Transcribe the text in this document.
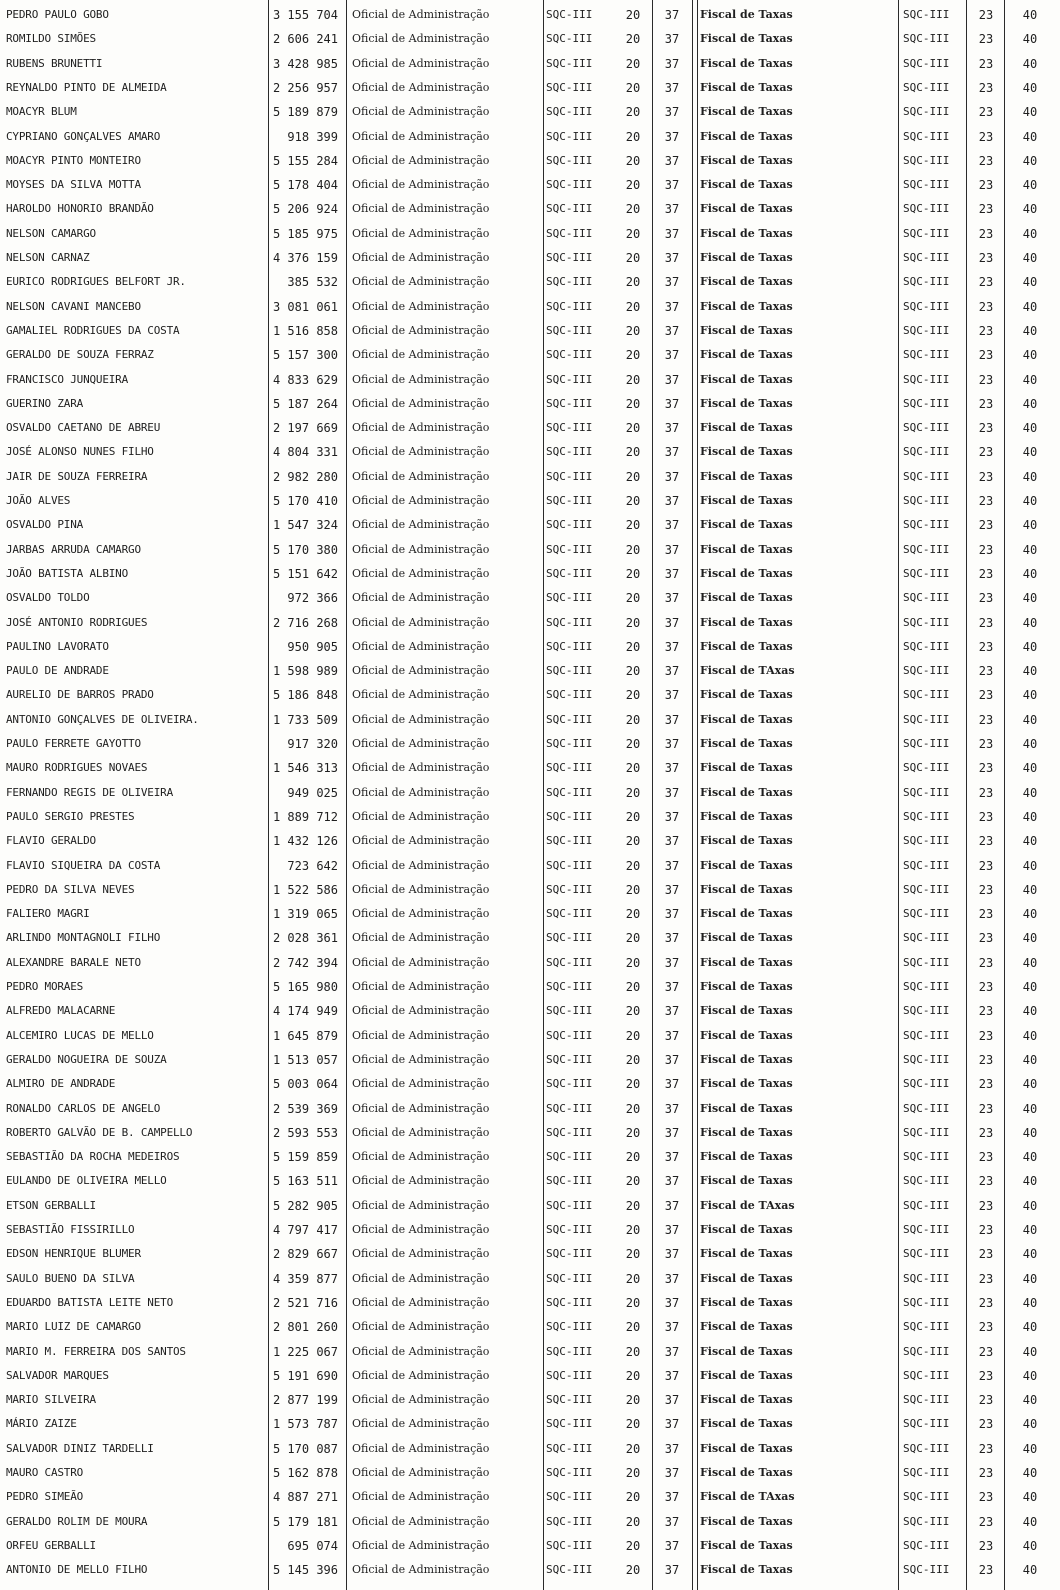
PEDRO PAULO GOBO	3 155 704 Oficial de Administração	SQC-III	20	37	Fiscal de Taxas	SQC-III	23	40
ROMILDO SIMÕES	2 606 241 Oficial de Administração	SQC-III	20	37	Fiscal de Taxas	SQC-III	23	40
RUBENS BRUNETTI	3 428 985 Oficial de Administração	SQC-III	20	37	Fiscal de Taxas	SQC-III	23	40
REYNALDO PINTO DE ALMEIDA	2 256 957 Oficial de Administração	SQC-III	20	37	Fiscal de Taxas	SQC-III	23	40
MOACYR BLUM	5 189 879 Oficial de Administração	SQC-III	20	37	Fiscal de Taxas	SQC-III	23	40
CYPRIANO GONÇALVES AMARO	918 399 Oficial de Administração	SQC-III	20	37	Fiscal de Taxas	SQC-III	23	40
MOACYR PINTO MONTEIRO	5 155 284 Oficial de Administração	SQC-III	20	37	Fiscal de Taxas	SQC-III	23	40
MOYSES DA SILVA MOTTA	5 178 404 Oficial de Administração	SQC-III	20	37	Fiscal de Taxas	SQC-III	23	40
HAROLDO HONORIO BRANDÃO	5 206 924 Oficial de Administração	SQC-III	20	37	Fiscal de Taxas	SQC-III	23	40
NELSON CAMARGO	5 185 975 Oficial de Administração	SQC-III	20	37	Fiscal de Taxas	SQC-III	23	40
NELSON CARNAZ	4 376 159 Oficial de Administração	SQC-III	20	37	Fiscal de Taxas	SQC-III	23	40
EURICO RODRIGUES BELFORT JR.	385 532 Oficial de Administração	SQC-III	20	37	Fiscal de Taxas	SQC-III	23	40
NELSON CAVANI MANCEBO	3 081 061 Oficial de Administração	SQC-III	20	37	Fiscal de Taxas	SQC-III	23	40
GAMALIEL RODRIGUES DA COSTA	1 516 858 Oficial de Administração	SQC-III	20	37	Fiscal de Taxas	SQC-III	23	40
GERALDO DE SOUZA FERRAZ	5 157 300 Oficial de Administração	SQC-III	20	37	Fiscal de Taxas	SQC-III	23	40
FRANCISCO JUNQUEIRA	4 833 629 Oficial de Administração	SQC-III	20	37	Fiscal de Taxas	SQC-III	23	40
GUERINO ZARA	5 187 264 Oficial de Administração	SQC-III	20	37	Fiscal de Taxas	SQC-III	23	40
OSVALDO CAETANO DE ABREU	2 197 669 Oficial de Administração	SQC-III	20	37	Fiscal de Taxas	SQC-III	23	40
JOSÉ ALONSO NUNES FILHO	4 804 331 Oficial de Administração	SQC-III	20	37	Fiscal de Taxas	SQC-III	23	40
JAIR DE SOUZA FERREIRA	2 982 280 Oficial de Administração	SQC-III	20	37	Fiscal de Taxas	SQC-III	23	40
JOÃO ALVES	5 170 410 Oficial de Administração	SQC-III	20	37	Fiscal de Taxas	SQC-III	23	40
OSVALDO PINA	1 547 324 Oficial de Administração	SQC-III	20	37	Fiscal de Taxas	SQC-III	23	40
JARBAS ARRUDA CAMARGO	5 170 380 Oficial de Administração	SQC-III	20	37	Fiscal de Taxas	SQC-III	23	40
JOÃO BATISTA ALBINO	5 151 642 Oficial de Administração	SQC-III	20	37	Fiscal de Taxas	SQC-III	23	40
OSVALDO TOLDO	972 366 Oficial de Administração	SQC-III	20	37	Fiscal de Taxas	SQC-III	23	40
JOSÉ ANTONIO RODRIGUES	2 716 268 Oficial de Administração	SQC-III	20	37	Fiscal de Taxas	SQC-III	23	40
PAULINO LAVORATO	950 905 Oficial de Administração	SQC-III	20	37	Fiscal de Taxas	SQC-III	23	40
PAULO DE ANDRADE	1 598 989 Oficial de Administração	SQC-III	20	37	Fiscal de TAxas	SQC-III	23	40
AURELIO DE BARROS PRADO	5 186 848 Oficial de Administração	SQC-III	20	37	Fiscal de Taxas	SQC-III	23	40
ANTONIO GONÇALVES DE OLIVEIRA.	1 733 509 Oficial de Administração	SQC-III	20	37	Fiscal de Taxas	SQC-III	23	40
PAULO FERRETE GAYOTTO	917 320 Oficial de Administração	SQC-III	20	37	Fiscal de Taxas	SQC-III	23	40
MAURO RODRIGUES NOVAES	1 546 313 Oficial de Administração	SQC-III	20	37	Fiscal de Taxas	SQC-III	23	40
FERNANDO REGIS DE OLIVEIRA	949 025 Oficial de Administração	SQC-III	20	37	Fiscal de Taxas	SQC-III	23	40
PAULO SERGIO PRESTES	1 889 712 Oficial de Administração	SQC-III	20	37	Fiscal de Taxas	SQC-III	23	40
FLAVIO GERALDO	1 432 126 Oficial de Administração	SQC-III	20	37	Fiscal de Taxas	SQC-III	23	40
FLAVIO SIQUEIRA DA COSTA	723 642 Oficial de Administração	SQC-III	20	37	Fiscal de Taxas	SQC-III	23	40
PEDRO DA SILVA NEVES	1 522 586 Oficial de Administração	SQC-III	20	37	Fiscal de Taxas	SQC-III	23	40
FALIERO MAGRI	1 319 065 Oficial de Administração	SQC-III	20	37	Fiscal de Taxas	SQC-III	23	40
ARLINDO MONTAGNOLI FILHO	2 028 361 Oficial de Administração	SQC-III	20	37	Fiscal de Taxas	SQC-III	23	40
ALEXANDRE BARALE NETO	2 742 394 Oficial de Administração	SQC-III	20	37	Fiscal de Taxas	SQC-III	23	40
PEDRO MORAES	5 165 980 Oficial de Administração	SQC-III	20	37	Fiscal de Taxas	SQC-III	23	40
ALFREDO MALACARNE	4 174 949 Oficial de Administração	SQC-III	20	37	Fiscal de Taxas	SQC-III	23	40
ALCEMIRO LUCAS DE MELLO	1 645 879 Oficial de Administração	SQC-III	20	37	Fiscal de Taxas	SQC-III	23	40
GERALDO NOGUEIRA DE SOUZA	1 513 057 Oficial de Administração	SQC-III	20	37	Fiscal de Taxas	SQC-III	23	40
ALMIRO DE ANDRADE	5 003 064 Oficial de Administração	SQC-III	20	37	Fiscal de Taxas	SQC-III	23	40
RONALDO CARLOS DE ANGELO	2 539 369 Oficial de Administração	SQC-III	20	37	Fiscal de Taxas	SQC-III	23	40
ROBERTO GALVÃO DE B. CAMPELLO	2 593 553 Oficial de Administração	SQC-III	20	37	Fiscal de Taxas	SQC-III	23	40
SEBASTIÃO DA ROCHA MEDEIROS	5 159 859 Oficial de Administração	SQC-III	20	37	Fiscal de Taxas	SQC-III	23	40
EULANDO DE OLIVEIRA MELLO	5 163 511 Oficial de Administração	SQC-III	20	37	Fiscal de Taxas	SQC-III	23	40
ETSON GERBALLI	5 282 905 Oficial de Administração	SQC-III	20	37	Fiscal de TAxas	SQC-III	23	40
SEBASTIÃO FISSIRILLO	4 797 417 Oficial de Administração	SQC-III	20	37	Fiscal de Taxas	SQC-III	23	40
EDSON HENRIQUE BLUMER	2 829 667 Oficial de Administração	SQC-III	20	37	Fiscal de Taxas	SQC-III	23	40
SAULO BUENO DA SILVA	4 359 877 Oficial de Administração	SQC-III	20	37	Fiscal de Taxas	SQC-III	23	40
EDUARDO BATISTA LEITE NETO	2 521 716 Oficial de Administração	SQC-III	20	37	Fiscal de Taxas	SQC-III	23	40
MARIO LUIZ DE CAMARGO	2 801 260 Oficial de Administração	SQC-III	20	37	Fiscal de Taxas	SQC-III	23	40
MARIO M. FERREIRA DOS SANTOS	1 225 067 Oficial de Administração	SQC-III	20	37	Fiscal de Taxas	SQC-III	23	40
SALVADOR MARQUES	5 191 690 Oficial de Administração	SQC-III	20	37	Fiscal de Taxas	SQC-III	23	40
MARIO SILVEIRA	2 877 199 Oficial de Administração	SQC-III	20	37	Fiscal de Taxas	SQC-III	23	40
MÁRIO ZAIZE	1 573 787 Oficial de Administração	SQC-III	20	37	Fiscal de Taxas	SQC-III	23	40
SALVADOR DINIZ TARDELLI	5 170 087 Oficial de Administração	SQC-III	20	37	Fiscal de Taxas	SQC-III	23	40
MAURO CASTRO	5 162 878 Oficial de Administração	SQC-III	20	37	Fiscal de Taxas	SQC-III	23	40
PEDRO SIMEÃO	4 887 271 Oficial de Administração	SQC-III	20	37	Fiscal de TAxas	SQC-III	23	40
GERALDO ROLIM DE MOURA	5 179 181 Oficial de Administração	SQC-III	20	37	Fiscal de Taxas	SQC-III	23	40
ORFEU GERBALLI	695 074 Oficial de Administração	SQC-III	20	37	Fiscal de Taxas	SQC-III	23	40
ANTONIO DE MELLO FILHO	5 145 396 Oficial de Administração	SQC-III	20	37	Fiscal de Taxas	SQC-III	23	40
